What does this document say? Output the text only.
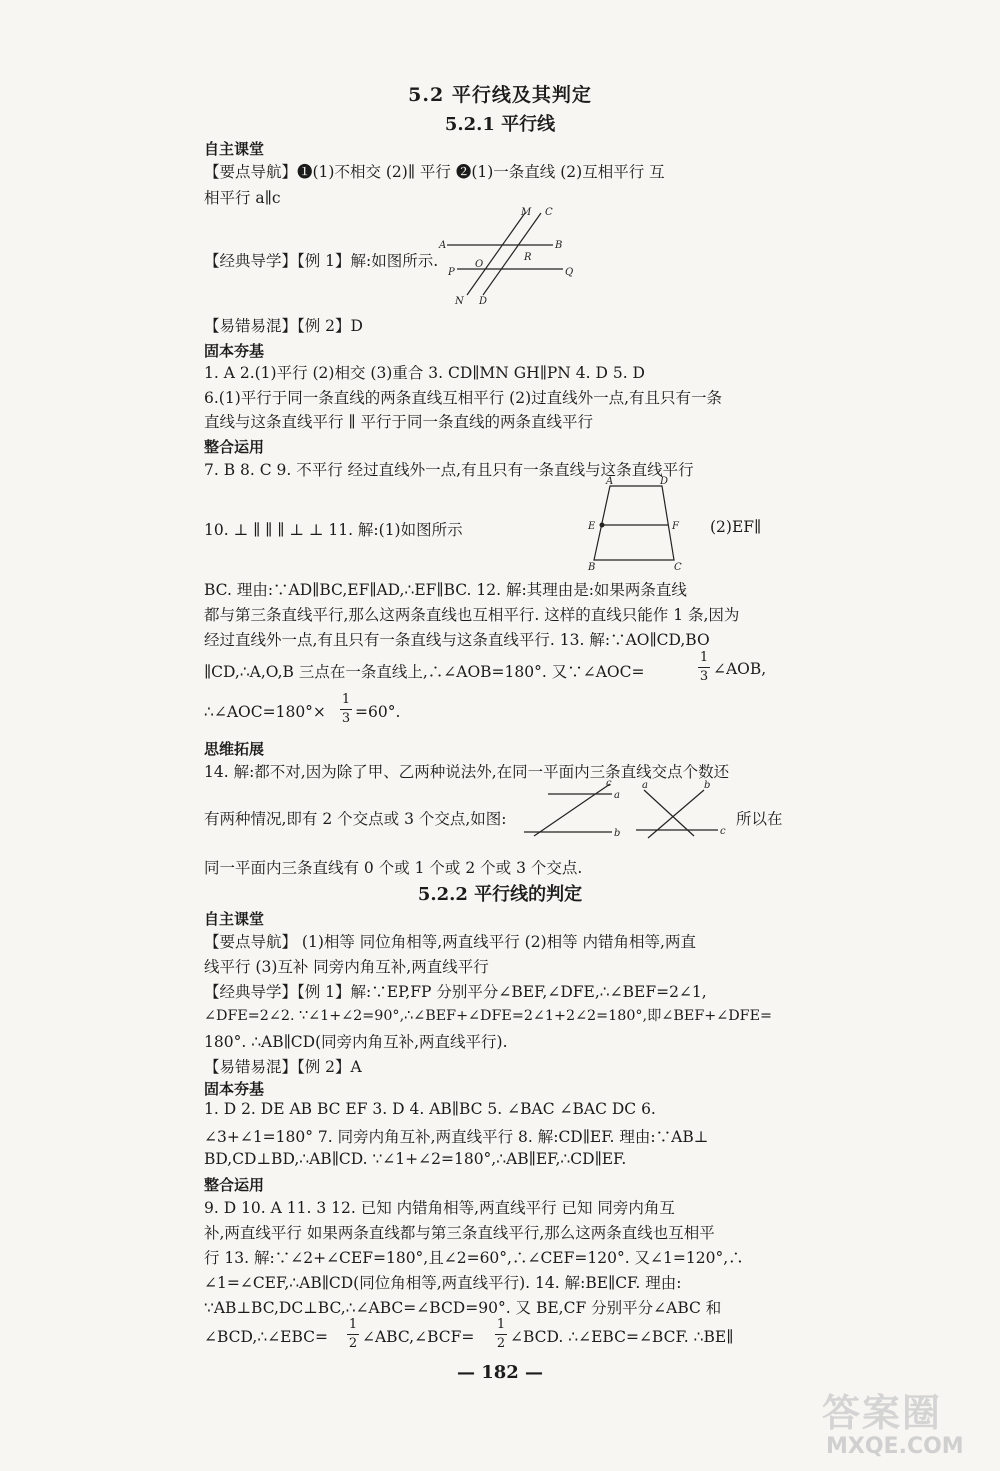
5.2 平行线及其判定
5.2.1 平行线
自主课堂
【要点导航】❶(1)不相交 (2)∥ 平行 ❷(1)一条直线 (2)互相平行 互
相平行 a∥c
M C
A	B
P
O
R
Q
N D
【经典导学】【例 1】解:如图所示.
【易错易混】【例 2】D
固本夯基
1. A 2.(1)平行 (2)相交 (3)重合 3. CD∥MN GH∥PN 4. D 5. D
6.(1)平行于同一条直线的两条直线互相平行 (2)过直线外一点,有且只有一条
直线与这条直线平行 ∥ 平行于同一条直线的两条直线平行
整合运用
7. B 8. C 9. 不平行 经过直线外一点,有且只有一条直线与这条直线平行
10. ⊥ ∥ ∥ ∥ ⊥ ⊥ 11. 解:(1)如图所示
A	D
E	F
B	C
(2)EF∥
BC. 理由:∵AD∥BC,EF∥AD,∴EF∥BC. 12. 解:其理由是:如果两条直线
都与第三条直线平行,那么这两条直线也互相平行. 这样的直线只能作 1 条,因为
经过直线外一点,有且只有一条直线与这条直线平行. 13. 解:∵AO∥CD,BO
∥CD,∴A,O,B 三点在一条直线上,∴∠AOB=180°. 又∵∠AOC=
1
3 ∠AOB,
∴∠AOC=180°×
1
3 =60°.
思维拓展
14. 解:都不对,因为除了甲、乙两种说法外,在同一平面内三条直线交点个数还
有两种情况,即有 2 个交点或 3 个交点,如图:
c
a
b
a	b
c
所以在
同一平面内三条直线有 0 个或 1 个或 2 个或 3 个交点.
5.2.2 平行线的判定
自主课堂
【要点导航】 (1)相等 同位角相等,两直线平行 (2)相等 内错角相等,两直
线平行 (3)互补 同旁内角互补,两直线平行
【经典导学】【例 1】解:∵EP,FP 分别平分∠BEF,∠DFE,∴∠BEF=2∠1,
∠DFE=2∠2. ∵∠1+∠2=90°,∴∠BEF+∠DFE=2∠1+2∠2=180°,即∠BEF+∠DFE=
180°. ∴AB∥CD(同旁内角互补,两直线平行).
【易错易混】【例 2】A
固本夯基
1. D 2. DE AB BC EF 3. D 4. AB∥BC 5. ∠BAC ∠BAC DC 6.
∠3+∠1=180° 7. 同旁内角互补,两直线平行 8. 解:CD∥EF. 理由:∵AB⊥
BD,CD⊥BD,∴AB∥CD. ∵∠1+∠2=180°,∴AB∥EF,∴CD∥EF.
整合运用
9. D 10. A 11. 3 12. 已知 内错角相等,两直线平行 已知 同旁内角互
补,两直线平行 如果两条直线都与第三条直线平行,那么这两条直线也互相平
行 13. 解:∵∠2+∠CEF=180°,且∠2=60°,∴∠CEF=120°. 又∠1=120°,∴
∠1=∠CEF,∴AB∥CD(同位角相等,两直线平行). 14. 解:BE∥CF. 理由:
∵AB⊥BC,DC⊥BC,∴∠ABC=∠BCD=90°. 又 BE,CF 分别平分∠ABC 和
∠BCD,∴∠EBC=
1
2 ∠ABC,∠BCF=
1
2 ∠BCD. ∴∠EBC=∠BCF. ∴BE∥
— 182 —
答案圈
MXQE.COM
